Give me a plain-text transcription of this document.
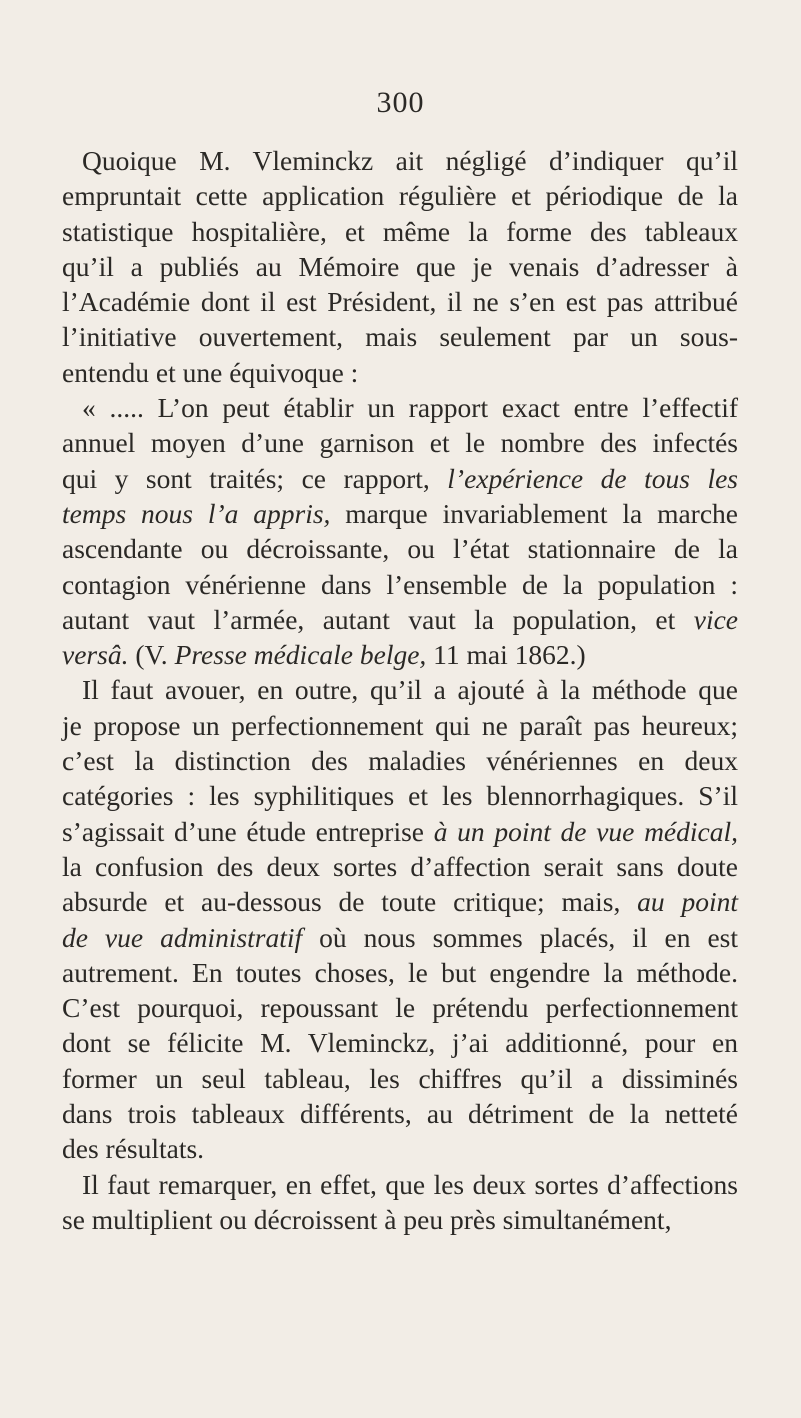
300
Quoique M. Vleminckz ait négligé d’indiquer qu’il
empruntait cette application régulière et périodique de la
statistique hospitalière, et même la forme des tableaux
qu’il a publiés au Mémoire que je venais d’adresser à
l’Académie dont il est Président, il ne s’en est pas attribué
l’initiative ouvertement, mais seulement par un sous-
entendu et une équivoque :
« ..... L’on peut établir un rapport exact entre l’effectif
annuel moyen d’une garnison et le nombre des infectés
qui y sont traités; ce rapport, l’expérience de tous les
temps nous l’a appris, marque invariablement la marche
ascendante ou décroissante, ou l’état stationnaire de la
contagion vénérienne dans l’ensemble de la population :
autant vaut l’armée, autant vaut la population, et vice
versâ. (V. Presse médicale belge, 11 mai 1862.)
Il faut avouer, en outre, qu’il a ajouté à la méthode que
je propose un perfectionnement qui ne paraît pas heureux;
c’est la distinction des maladies vénériennes en deux
catégories : les syphilitiques et les blennorrhagiques. S’il
s’agissait d’une étude entreprise à un point de vue médical,
la confusion des deux sortes d’affection serait sans doute
absurde et au-dessous de toute critique; mais, au point
de vue administratif où nous sommes placés, il en est
autrement. En toutes choses, le but engendre la méthode.
C’est pourquoi, repoussant le prétendu perfectionnement
dont se félicite M. Vleminckz, j’ai additionné, pour en
former un seul tableau, les chiffres qu’il a dissiminés
dans trois tableaux différents, au détriment de la netteté
des résultats.
Il faut remarquer, en effet, que les deux sortes d’affections
se multiplient ou décroissent à peu près simultanément,
